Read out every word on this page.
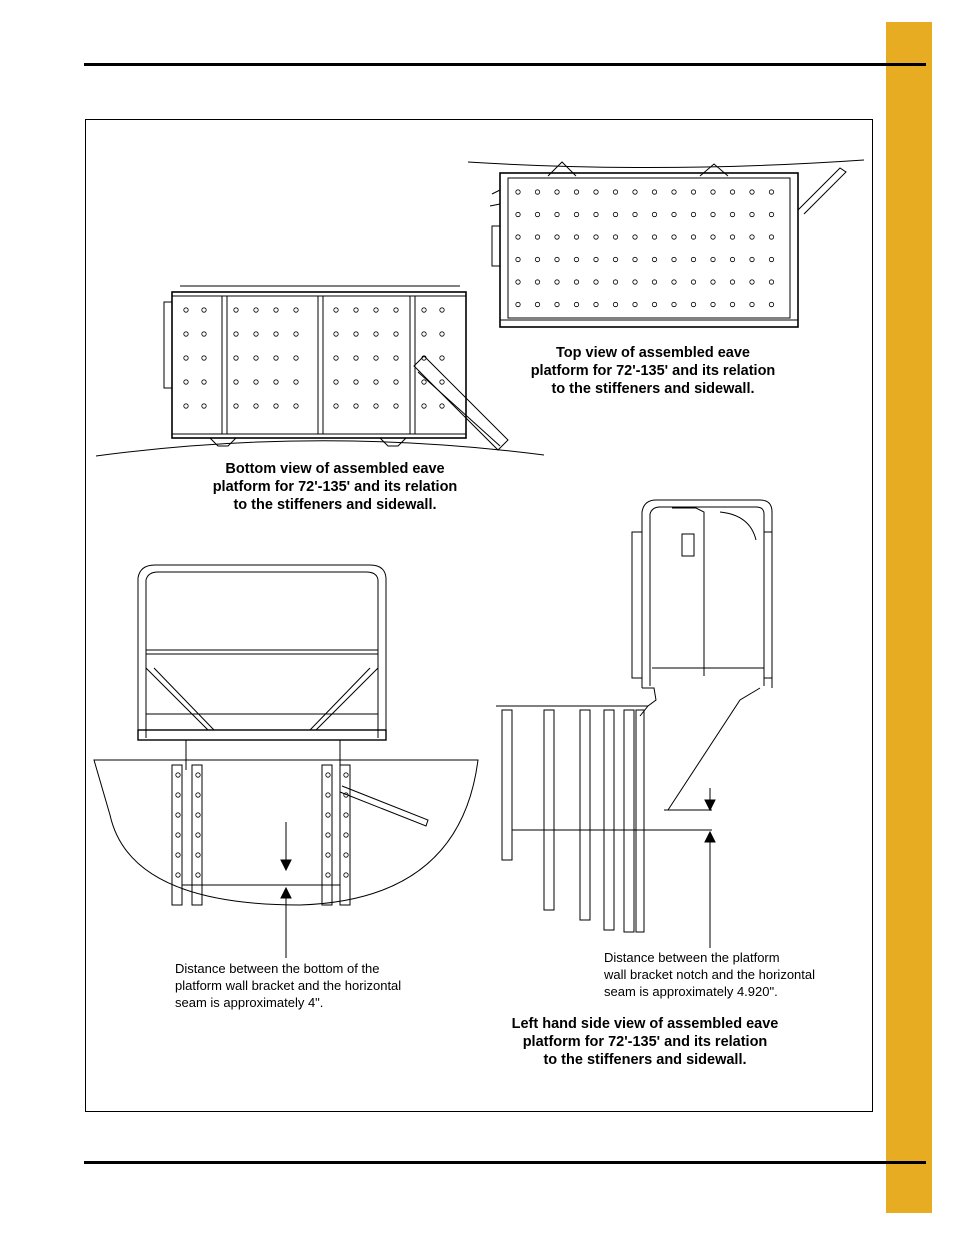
Top view of assembled eave
platform for 72'-135' and its relation
to the stiffeners and sidewall.
Bottom view of assembled eave
platform for 72'-135' and its relation
to the stiffeners and sidewall.
Left hand side view of assembled eave
platform for 72'-135' and its relation
to the stiffeners and sidewall.
Distance between the bottom of the
platform wall bracket and the horizontal
seam is approximately 4".
Distance between the platform
wall bracket notch and the horizontal
seam is approximately 4.920".
